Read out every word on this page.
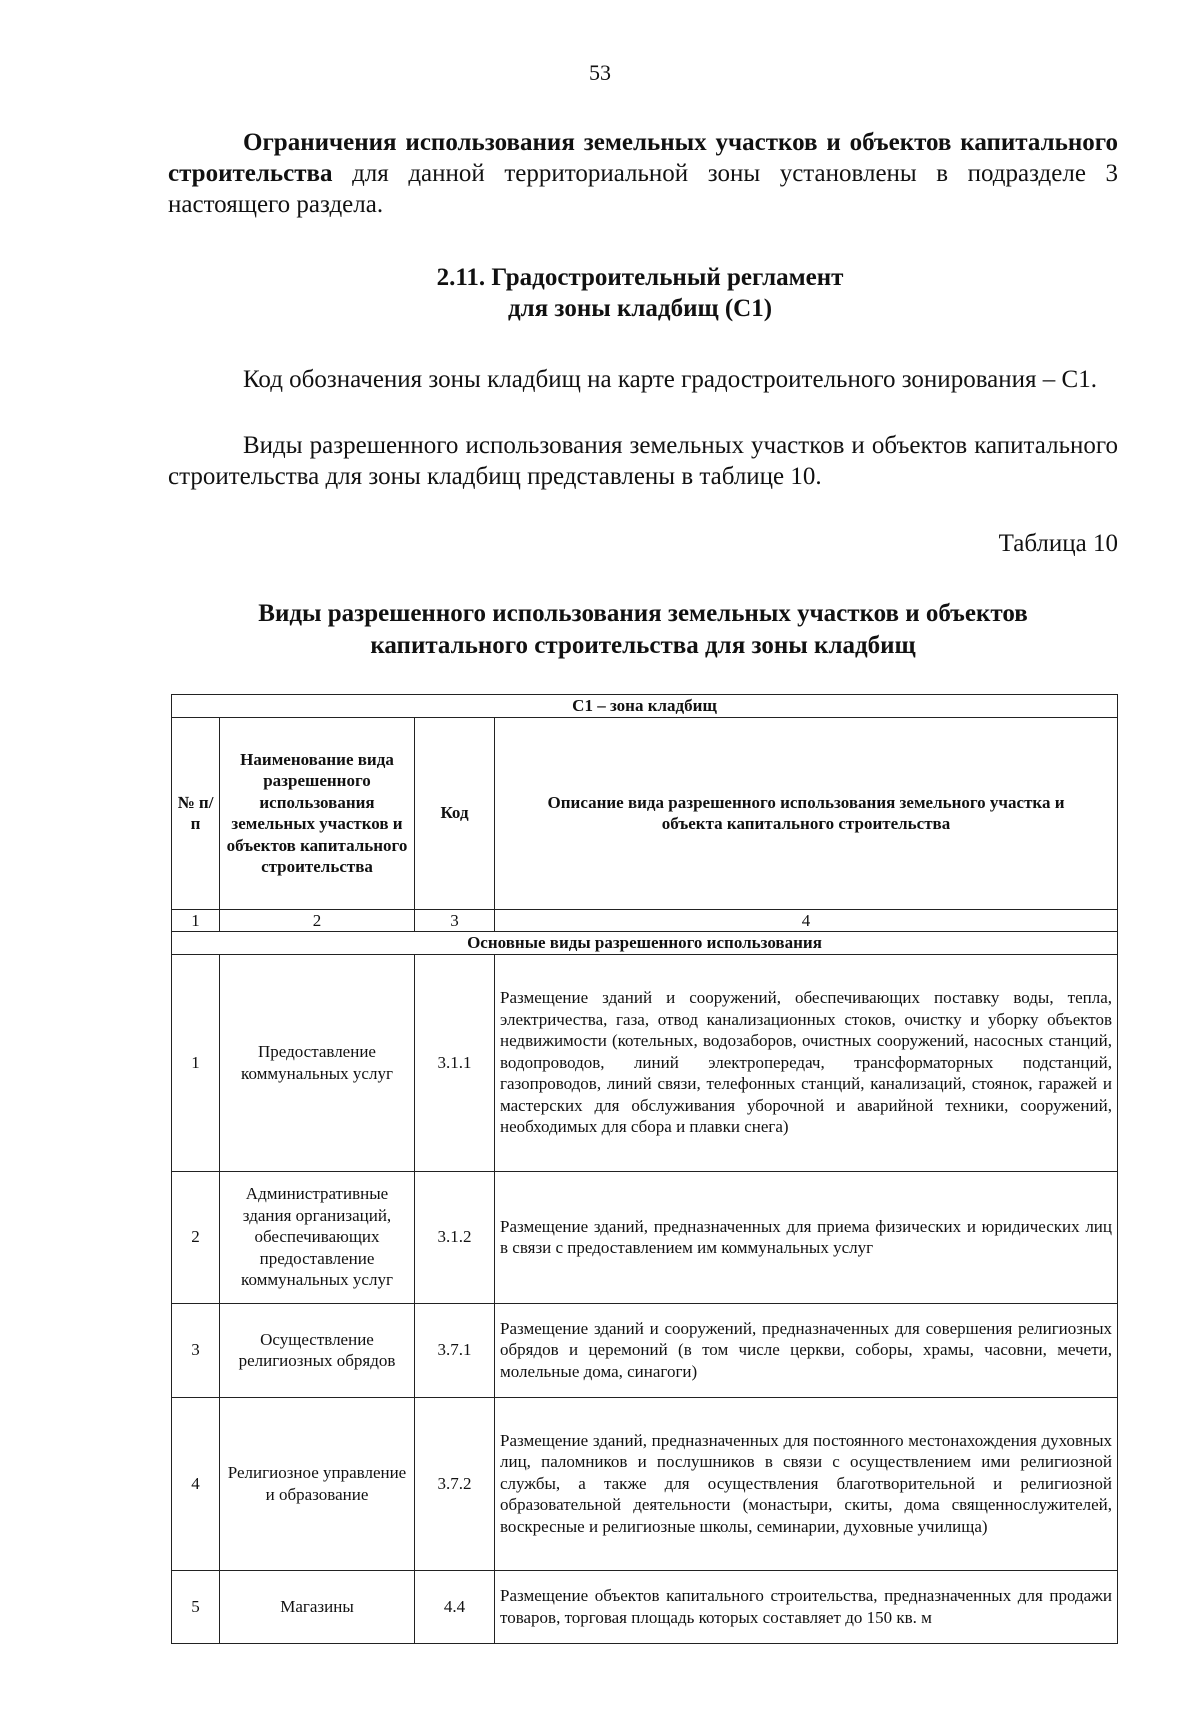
53
Ограничения использования земельных участков и объектов капитального строительства для данной территориальной зоны установлены в подразделе 3 настоящего раздела.
2.11. Градостроительный регламент
для зоны кладбищ (С1)
Код обозначения зоны кладбищ на карте градостроительного зонирования – С1.
Виды разрешенного использования земельных участков и объектов капитального строительства для зоны кладбищ представлены в таблице 10.
Таблица 10
Виды разрешенного использования земельных участков и объектов
капитального строительства для зоны кладбищ
С1 – зона кладбищ			
№ п/п	Наименование вида разрешенного использования земельных участков и объектов капитального строительства	Код	Описание вида разрешенного использования земельного участка и объекта капитального строительства
1	2	3	4
Основные виды разрешенного использования			
1	Предоставление коммунальных услуг	3.1.1	Размещение зданий и сооружений, обеспечивающих поставку воды, тепла, электричества, газа, отвод канализационных стоков, очистку и уборку объектов недвижимости (котельных, водозаборов, очистных сооружений, насосных станций, водопроводов, линий электропередач, трансформаторных подстанций, газопроводов, линий связи, телефонных станций, канализаций, стоянок, гаражей и мастерских для обслуживания уборочной и аварийной техники, сооружений, необходимых для сбора и плавки снега)
2	Административные здания организаций, обеспечивающих предоставление коммунальных услуг	3.1.2	Размещение зданий, предназначенных для приема физических и юридических лиц в связи с предоставлением им коммунальных услуг
3	Осуществление религиозных обрядов	3.7.1	Размещение зданий и сооружений, предназначенных для совершения религиозных обрядов и церемоний (в том числе церкви, соборы, храмы, часовни, мечети, молельные дома, синагоги)
4	Религиозное управление и образование	3.7.2	Размещение зданий, предназначенных для постоянного местонахождения духовных лиц, паломников и послушников в связи с осуществлением ими религиозной службы, а также для осуществления благотворительной и религиозной образовательной деятельности (монастыри, скиты, дома священнослужителей, воскресные и религиозные школы, семинарии, духовные училища)
5	Магазины	4.4	Размещение объектов капитального строительства, предназначенных для продажи товаров, торговая площадь которых составляет до 150 кв. м
